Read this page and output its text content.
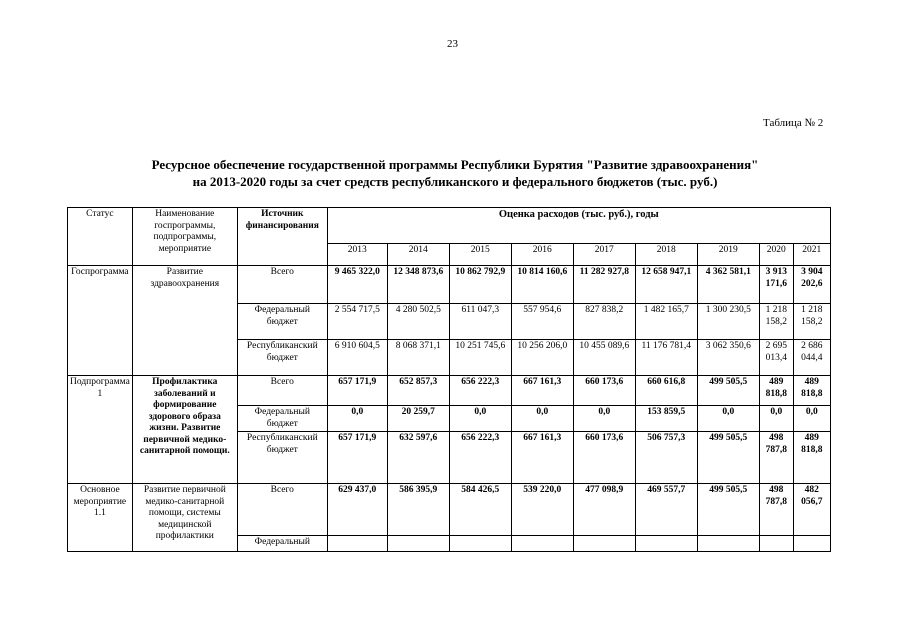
23
Таблица № 2
Ресурсное обеспечение государственной программы Республики Бурятия "Развитие здравоохранения"
на 2013-2020 годы за счет средств республиканского и федерального бюджетов (тыс. руб.)
Статус	Наименование госпрограммы, подпрограммы, мероприятие	Источник финансирования	Оценка расходов (тыс. руб.), годы								
			2013	2014	2015	2016	2017	2018	2019	2020	2021
Госпрограмма	Развитие здравоохранения	Всего	9 465 322,0	12 348 873,6	10 862 792,9	10 814 160,6	11 282 927,8	12 658 947,1	4 362 581,1	3 913 171,6	3 904 202,6
		Федеральный бюджет	2 554 717,5	4 280 502,5	611 047,3	557 954,6	827 838,2	1 482 165,7	1 300 230,5	1 218 158,2	1 218 158,2
		Республиканский бюджет	6 910 604,5	8 068 371,1	10 251 745,6	10 256 206,0	10 455 089,6	11 176 781,4	3 062 350,6	2 695 013,4	2 686 044,4
Подпрограмма 1	Профилактика заболеваний и формирование здорового образа жизни. Развитие первичной медико-санитарной помощи.	Всего	657 171,9	652 857,3	656 222,3	667 161,3	660 173,6	660 616,8	499 505,5	489 818,8	489 818,8
		Федеральный бюджет	0,0	20 259,7	0,0	0,0	0,0	153 859,5	0,0	0,0	0,0
		Республиканский бюджет	657 171,9	632 597,6	656 222,3	667 161,3	660 173,6	506 757,3	499 505,5	498 787,8	489 818,8
Основное мероприятие 1.1	Развитие первичной медико-санитарной помощи, системы медицинской профилактики	Всего	629 437,0	586 395,9	584 426,5	539 220,0	477 098,9	469 557,7	499 505,5	498 787,8	482 056,7
		Федеральный									
